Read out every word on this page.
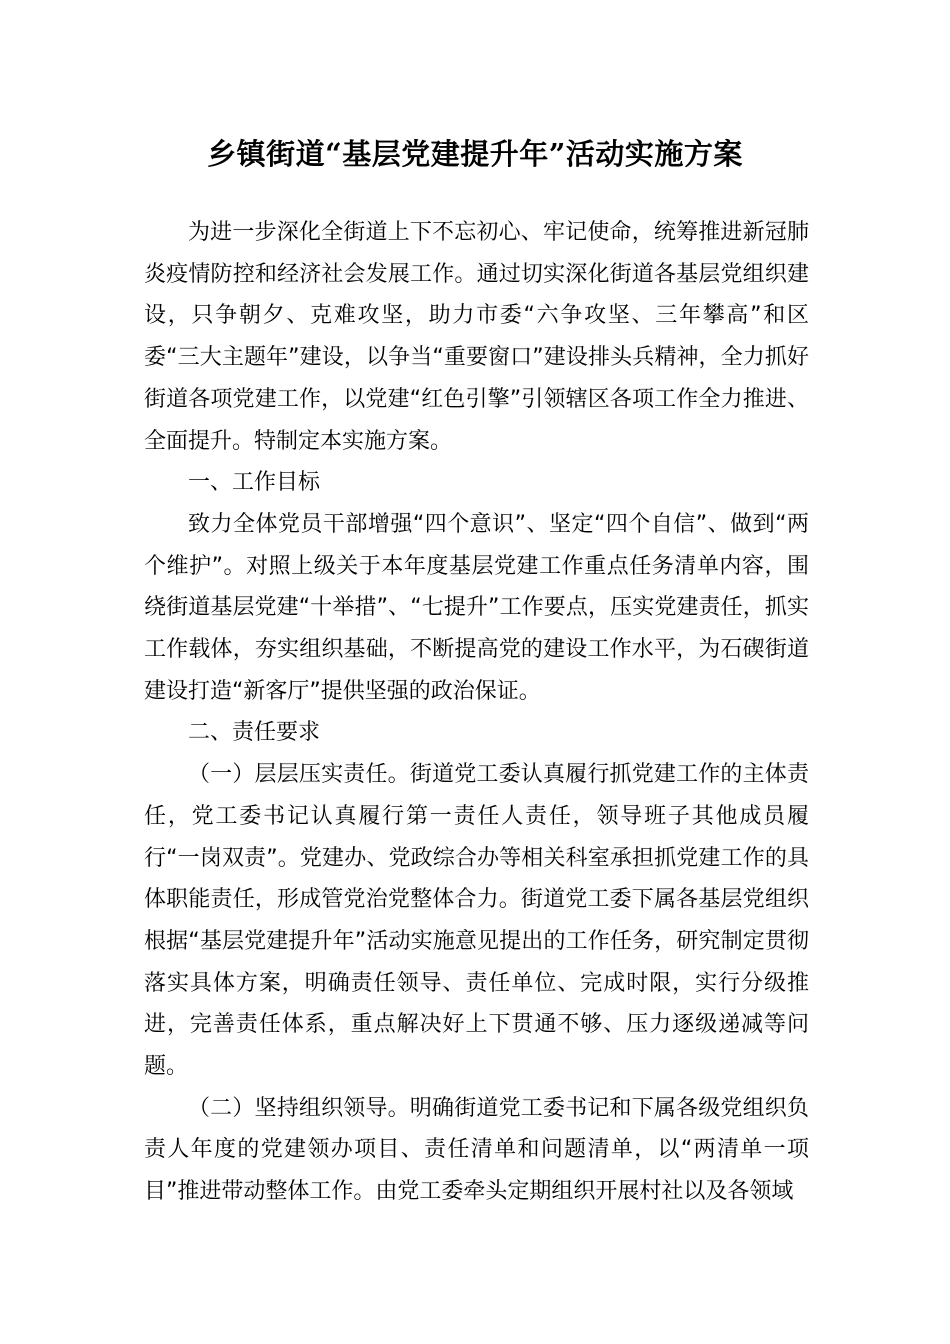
乡镇街道“基层党建提升年”活动实施方案

为进一步深化全街道上下不忘初心、牢记使命，统筹推进新冠肺炎疫情防控和经济社会发展工作。通过切实深化街道各基层党组织建设，只争朝夕、克难攻坚，助力市委“六争攻坚、三年攀高”和区委“三大主题年”建设，以争当“重要窗口”建设排头兵精神，全力抓好街道各项党建工作，以党建“红色引擎”引领辖区各项工作全力推进、全面提升。特制定本实施方案。

一、工作目标

致力全体党员干部增强“四个意识”、坚定“四个自信”、做到“两个维护”。对照上级关于本年度基层党建工作重点任务清单内容，围绕街道基层党建“十举措”、“七提升”工作要点，压实党建责任，抓实工作载体，夯实组织基础，不断提高党的建设工作水平，为石碶街道建设打造“新客厅”提供坚强的政治保证。

二、责任要求

（一）层层压实责任。街道党工委认真履行抓党建工作的主体责任，党工委书记认真履行第一责任人责任，领导班子其他成员履行“一岗双责”。党建办、党政综合办等相关科室承担抓党建工作的具体职能责任，形成管党治党整体合力。街道党工委下属各基层党组织根据“基层党建提升年”活动实施意见提出的工作任务，研究制定贯彻落实具体方案，明确责任领导、责任单位、完成时限，实行分级推进，完善责任体系，重点解决好上下贯通不够、压力逐级递减等问题。

（二）坚持组织领导。明确街道党工委书记和下属各级党组织负责人年度的党建领办项目、责任清单和问题清单，以“两清单一项目”推进带动整体工作。由党工委牵头定期组织开展村社以及各领域
